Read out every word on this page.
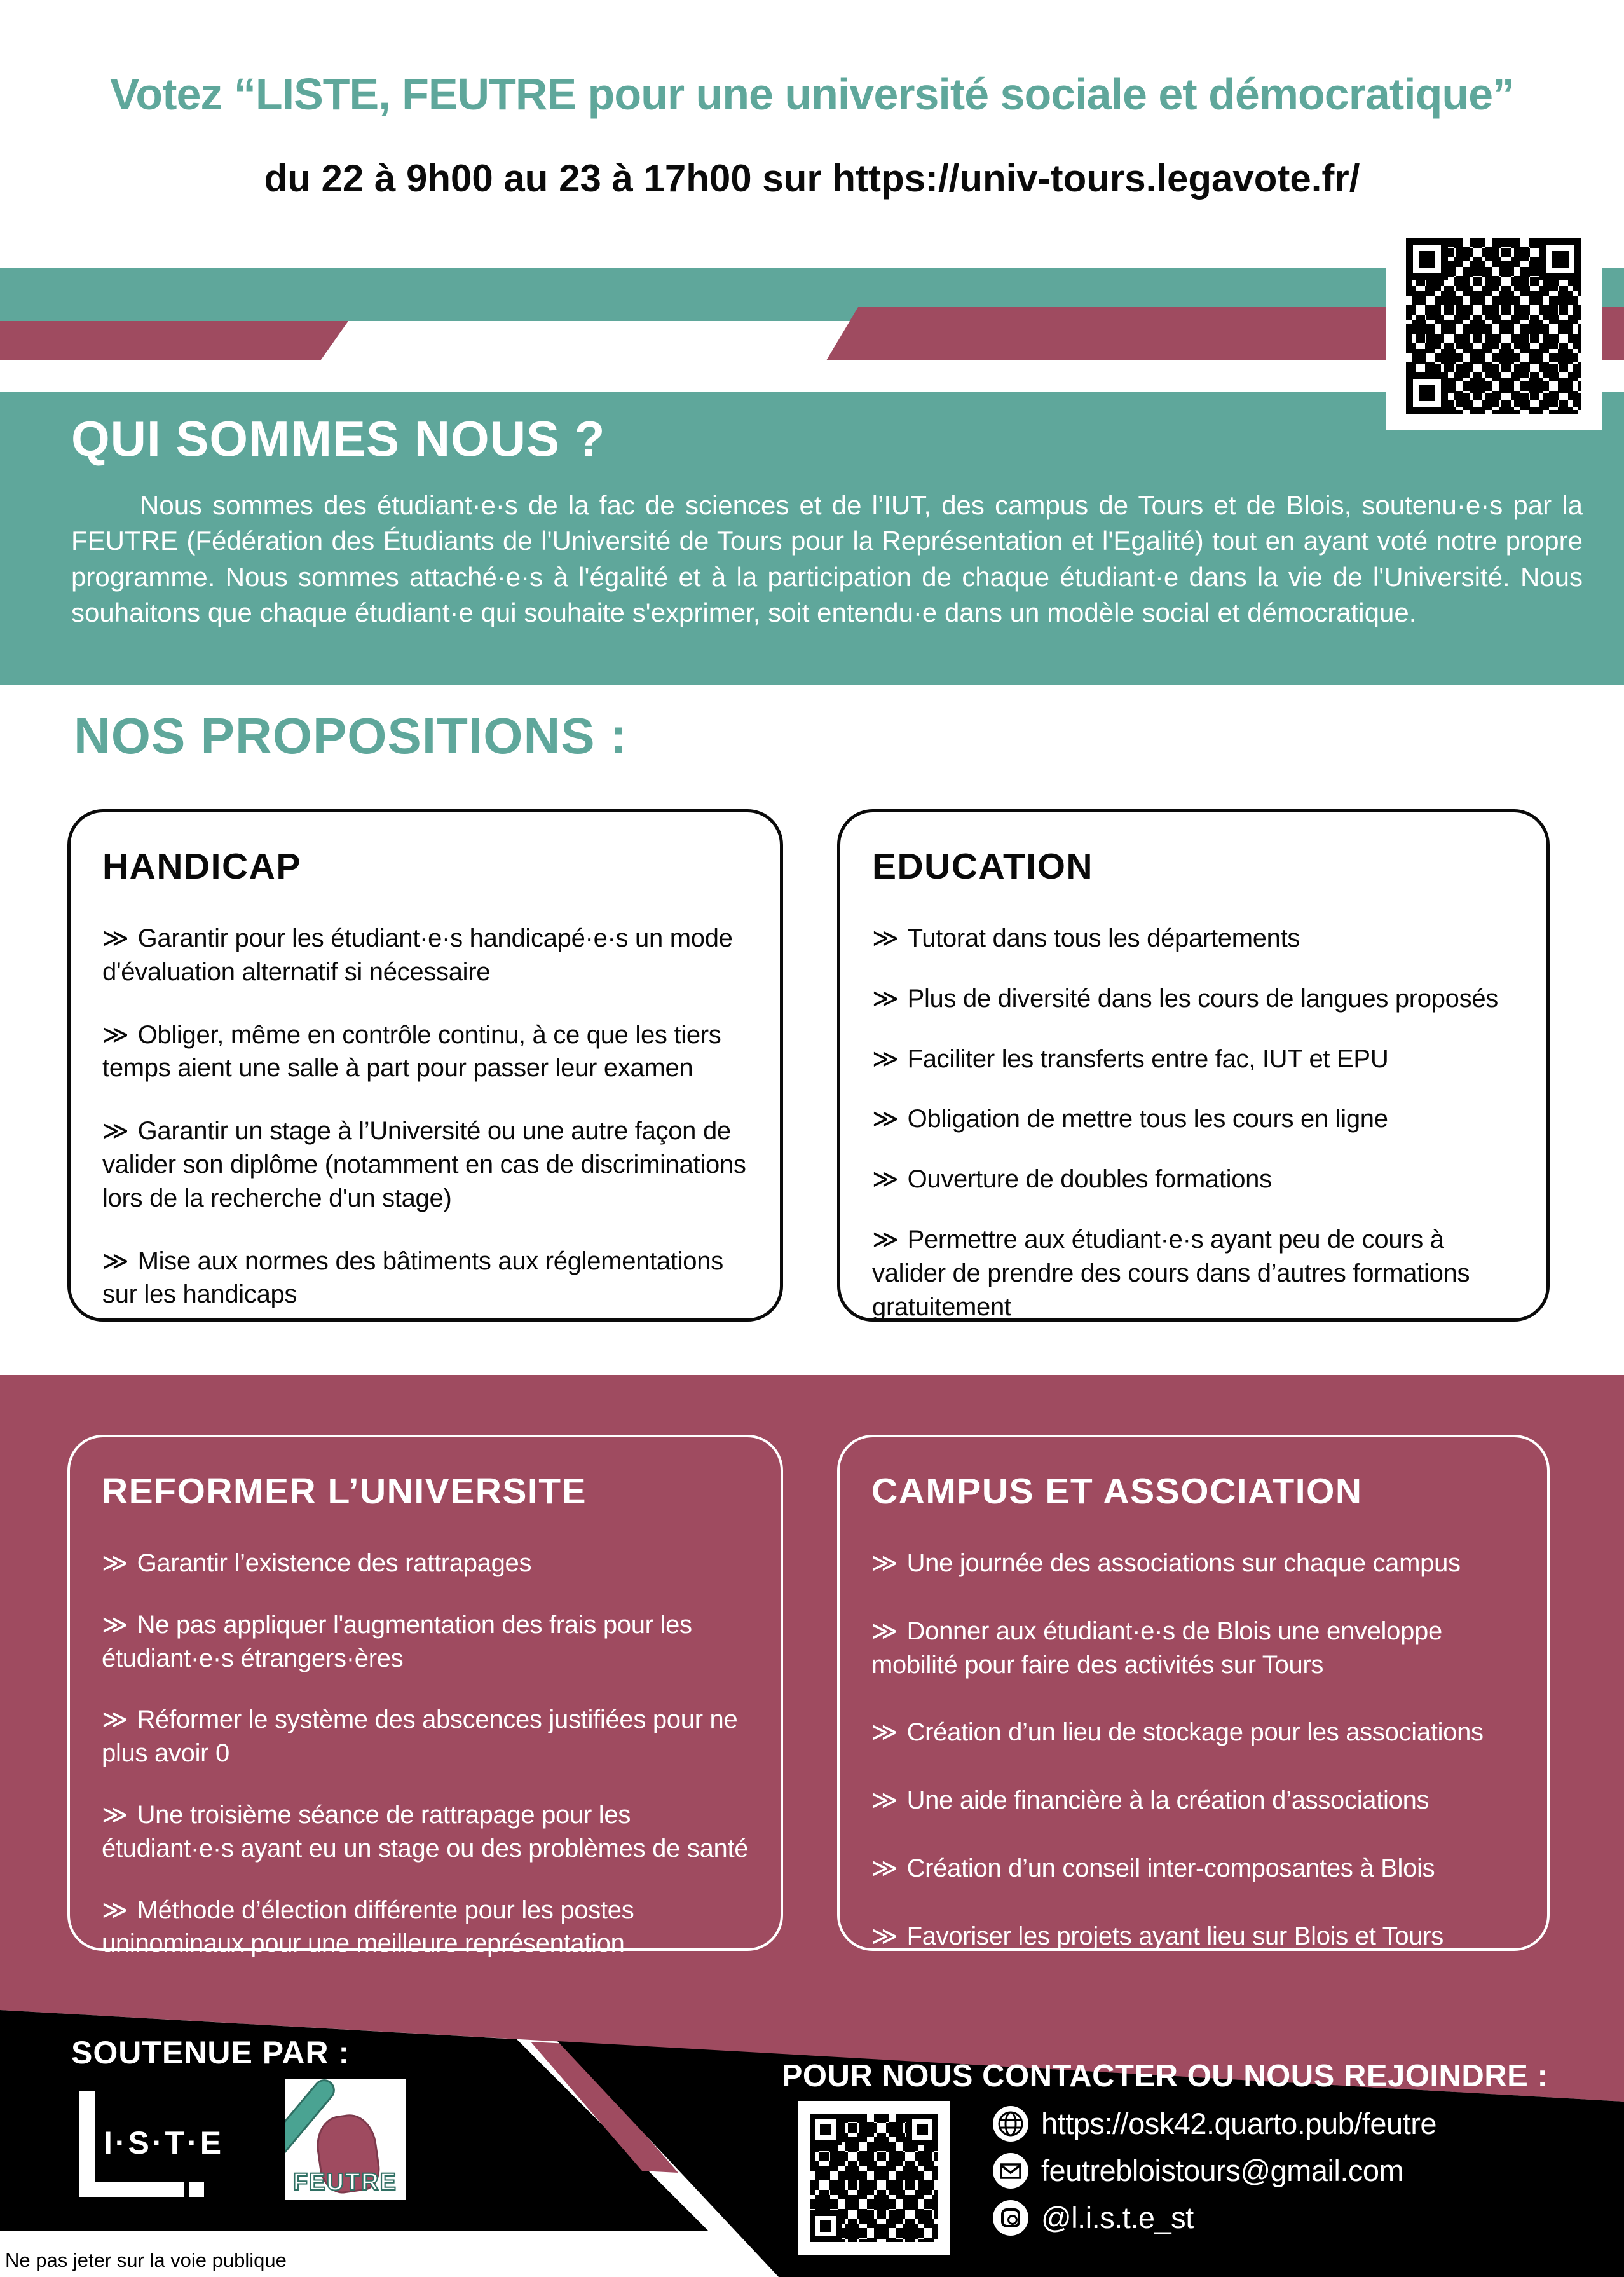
Votez “LISTE, FEUTRE pour une université sociale et démocratique”
du 22 à 9h00 au 23 à 17h00 sur https://univ-tours.legavote.fr/
QUI SOMMES NOUS ?
Nous sommes des étudiant·e·s de la fac de sciences et de l’IUT, des campus de Tours et de Blois, soutenu·e·s par la FEUTRE (Fédération des Étudiants de l'Université de Tours pour la Représentation et l'Egalité) tout en ayant voté notre propre programme. Nous sommes attaché·e·s à l'égalité et à la participation de chaque étudiant·e dans la vie de l'Université. Nous souhaitons que chaque étudiant·e qui souhaite s'exprimer, soit entendu·e dans un modèle social et démocratique.
NOS PROPOSITIONS :
HANDICAP
≫ Garantir pour les étudiant·e·s handicapé·e·s un mode d'évaluation alternatif si nécessaire
≫ Obliger, même en contrôle continu, à ce que les tiers temps aient une salle à part pour passer leur examen
≫ Garantir un stage à l’Université ou une autre façon de valider son diplôme (notamment en cas de discriminations lors de la recherche d'un stage)
≫ Mise aux normes des bâtiments aux réglementations sur les handicaps
EDUCATION
≫ Tutorat dans tous les départements
≫ Plus de diversité dans les cours de langues proposés
≫ Faciliter les transferts entre fac, IUT et EPU
≫ Obligation de mettre tous les cours en ligne
≫ Ouverture de doubles formations
≫ Permettre aux étudiant·e·s ayant peu de cours à valider de prendre des cours dans d’autres formations gratuitement
REFORMER L’UNIVERSITE
≫ Garantir l’existence des rattrapages
≫ Ne pas appliquer l'augmentation des frais pour les étudiant·e·s étrangers·ères
≫ Réformer le système des abscences justifiées pour ne plus avoir 0
≫ Une troisième séance de rattrapage pour les étudiant·e·s ayant eu un stage ou des problèmes de santé
≫ Méthode d’élection différente pour les postes uninominaux pour une meilleure représentation
CAMPUS ET ASSOCIATION
≫ Une journée des associations sur chaque campus
≫ Donner aux étudiant·e·s de Blois une enveloppe mobilité pour faire des activités sur Tours
≫ Création d’un lieu de stockage pour les associations
≫ Une aide financière à la création d’associations
≫ Création d’un conseil inter-composantes à Blois
≫ Favoriser les projets ayant lieu sur Blois et Tours
SOUTENUE PAR :
I·S·T·E
FEUTRE
POUR NOUS CONTACTER OU NOUS REJOINDRE :
https://osk42.quarto.pub/feutre
feutrebloistours@gmail.com
@l.i.s.t.e_st
Ne pas jeter sur la voie publique
